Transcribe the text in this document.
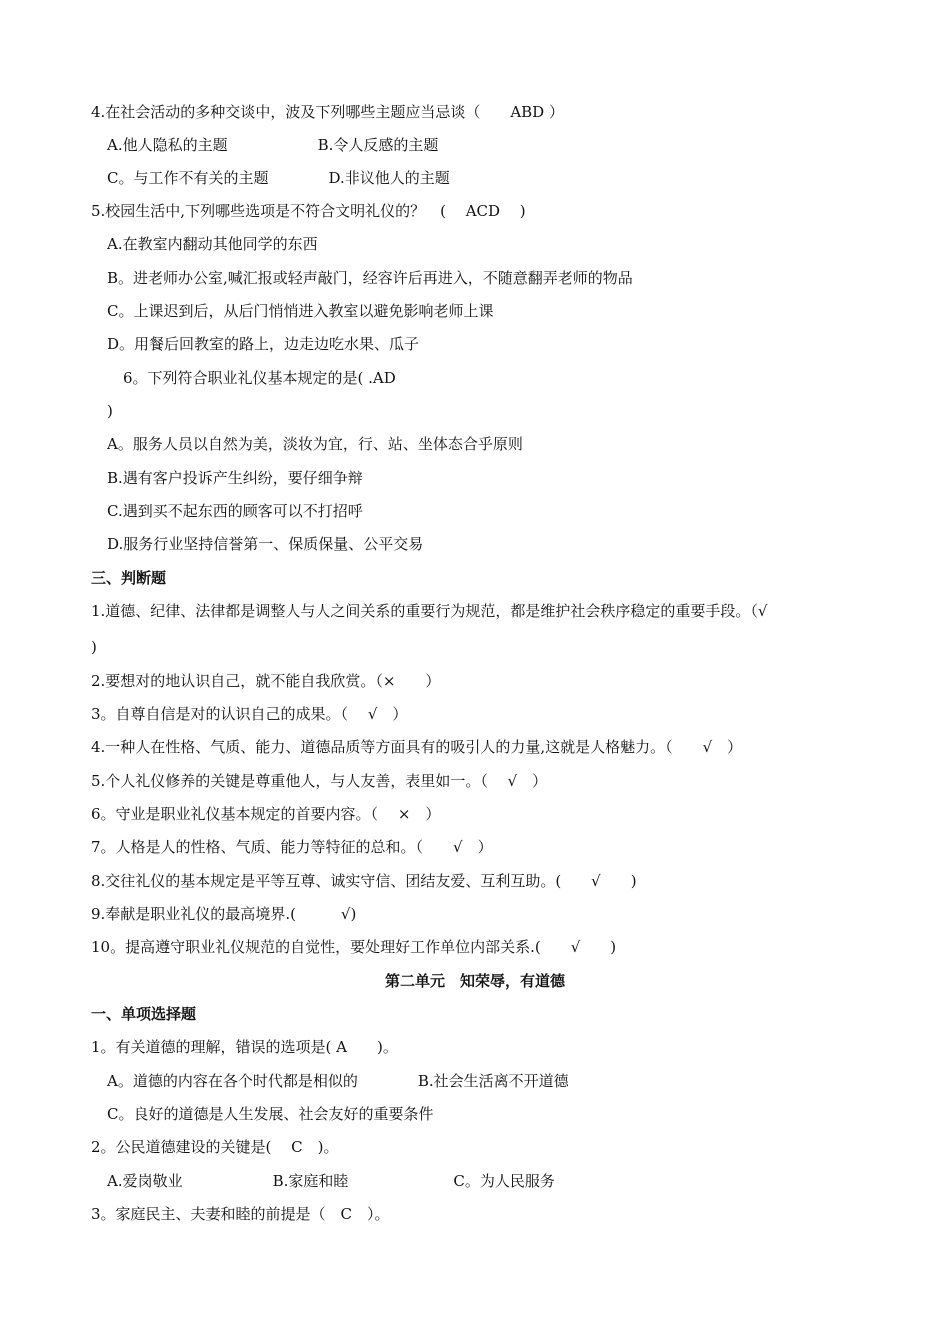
4.在社会活动的多种交谈中，波及下列哪些主题应当忌谈（　　ABD ）
A.他人隐私的主题　　　　　　B.令人反感的主题
C。与工作不有关的主题　　　　D.非议他人的主题
5.校园生活中,下列哪些选项是不符合文明礼仪的？　(　 ACD　 )
A.在教室内翻动其他同学的东西
B。进老师办公室,喊汇报或轻声敲门，经容许后再进入，不随意翻弄老师的物品
C。上课迟到后，从后门悄悄进入教室以避免影响老师上课
D。用餐后回教室的路上，边走边吃水果、瓜子
6。下列符合职业礼仪基本规定的是( .AD
)
A。服务人员以自然为美，淡妆为宜，行、站、坐体态合乎原则
B.遇有客户投诉产生纠纷，要仔细争辩
C.遇到买不起东西的顾客可以不打招呼
D.服务行业坚持信誉第一、保质保量、公平交易
三、判断题
1.道德、纪律、法律都是调整人与人之间关系的重要行为规范，都是维护社会秩序稳定的重要手段。（√
)
2.要想对的地认识自己，就不能自我欣赏。（×　　）
3。自尊自信是对的认识自己的成果。（　 √　）
4.一种人在性格、气质、能力、道德品质等方面具有的吸引人的力量,这就是人格魅力。（　　√　）
5.个人礼仪修养的关键是尊重他人，与人友善，表里如一。（　 √　）
6。守业是职业礼仪基本规定的首要内容。（　 ×　）
7。人格是人的性格、气质、能力等特征的总和。（　　√　）
8.交往礼仪的基本规定是平等互尊、诚实守信、团结友爱、互利互助。(　　√　　)
9.奉献是职业礼仪的最高境界.(　　　√)
10。提高遵守职业礼仪规范的自觉性，要处理好工作单位内部关系.(　　√　　)
第二单元　知荣辱，有道德
一、单项选择题
1。有关道德的理解，错误的选项是( A　　)。
A。道德的内容在各个时代都是相似的　　　　B.社会生活离不开道德
C。良好的道德是人生发展、社会友好的重要条件
2。公民道德建设的关键是(　 C　)。
A.爱岗敬业　　　　　　B.家庭和睦　　　　　　　C。为人民服务
3。家庭民主、夫妻和睦的前提是（　C　）。
